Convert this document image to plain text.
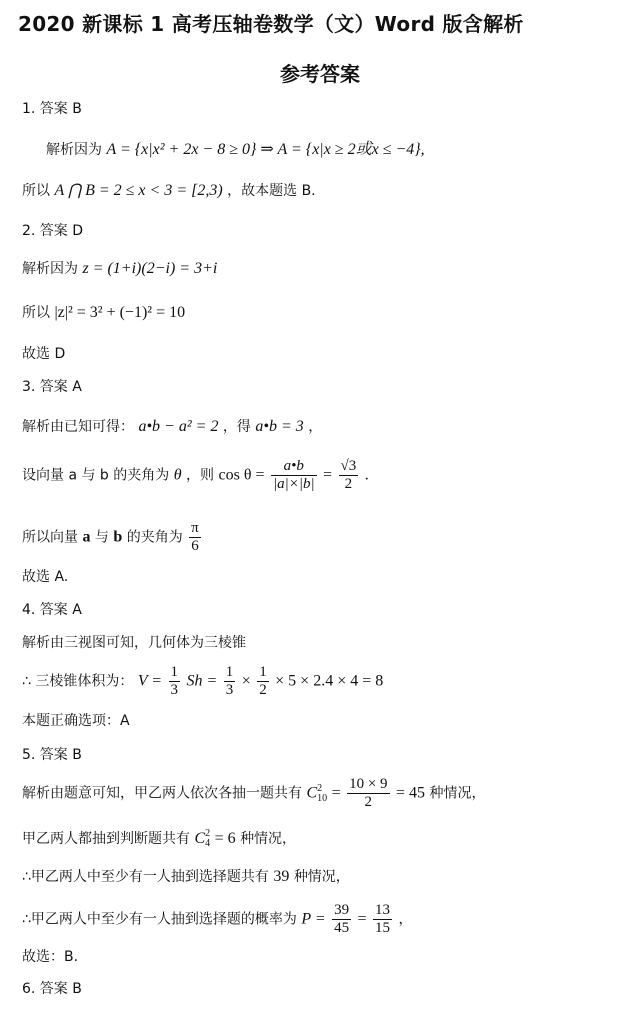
2020 新课标 1 高考压轴卷数学（文）Word 版含解析
参考答案
1. 答案 B
解析因为 A = {x|x² + 2x − 8 ≥ 0} ⇒ A = {x|x ≥ 2或x ≤ −4},
所以 A ⋂ B = 2 ≤ x < 3 = [2,3) ，故本题选 B.
2. 答案 D
解析因为 z = (1+i)(2−i) = 3+i
所以 |z|² = 3² + (−1)² = 10
故选 D
3. 答案 A
解析由已知可得： a•b − a² = 2 ，得 a•b = 3 ，
设向量 a 与 b 的夹角为 θ ，则 $\cos \theta = \frac{a•b}{|a|\times|b|} = \frac{√3}{2}$ .
所以向量 a 与 b 的夹角为 $\frac{\pi}{6}$
故选 A.
4. 答案 A
解析由三视图可知，几何体为三棱锥
∴ 三棱锥体积为： $V = \frac{1}{3}$ $Sh = \frac{1}{3} \times \frac{1}{2} \times 5 \times 2.4 \times 4 = 8$
本题正确选项：A
5. 答案 B
解析由题意可知，甲乙两人依次各抽一题共有 C 2
$10 = \frac{10 \times 9}{2} = 45$ 种情况，
甲乙两人都抽到判断题共有 C 2
4 = 6 种情况，
∴甲乙两人中至少有一人抽到选择题共有 39 种情况，
∴甲乙两人中至少有一人抽到选择题的概率为 $P = \frac{39}{45} = \frac{13}{15}$ ，
故选：B.
6. 答案 B
